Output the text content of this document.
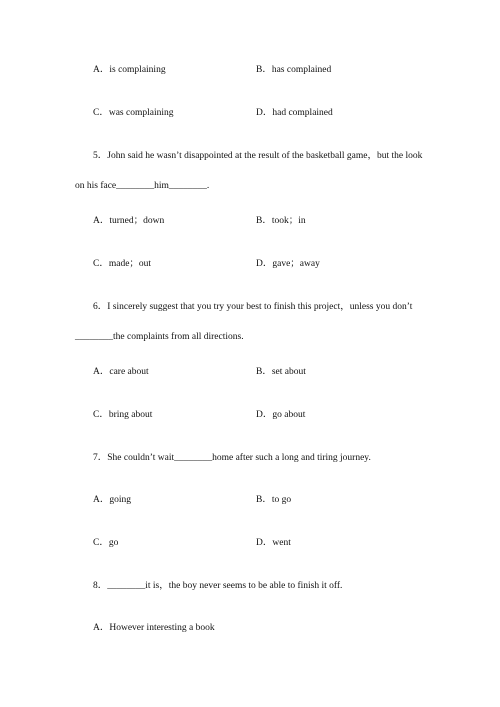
A．is complaining	B．has complained
C．was complaining	D．had complained
5．John said he wasn’t disappointed at the result of the basketball game，but the look
on his face________him________.
A．turned；down	B．took；in
C．made；out	D．gave；away
6．I sincerely suggest that you try your best to finish this project，unless you don’t
________the complaints from all directions.
A．care about	B．set about
C．bring about	D．go about
7．She couldn’t wait________home after such a long and tiring journey.
A．going	B．to go
C．go	D．went
8．________it is，the boy never seems to be able to finish it off.
A．However interesting a book
